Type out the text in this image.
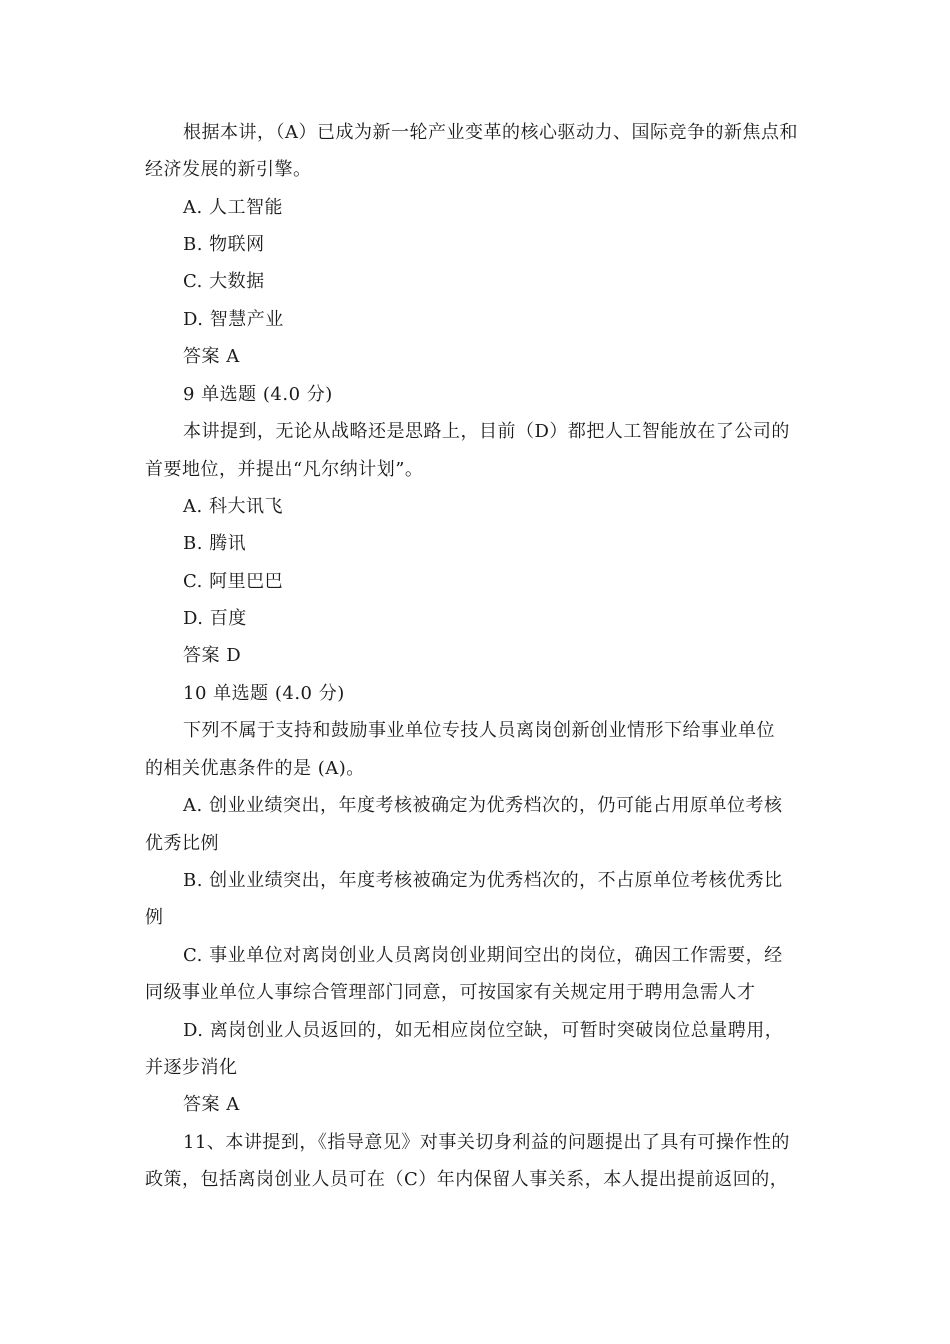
根据本讲，（A）已成为新一轮产业变革的核心驱动力、国际竞争的新焦点和
经济发展的新引擎。
A. 人工智能
B. 物联网
C. 大数据
D. 智慧产业
答案 A
9 单选题 (4.0 分)
本讲提到，无论从战略还是思路上，目前（D）都把人工智能放在了公司的
首要地位，并提出“凡尔纳计划”。
A. 科大讯飞
B. 腾讯
C. 阿里巴巴
D. 百度
答案 D
10 单选题 (4.0 分)
下列不属于支持和鼓励事业单位专技人员离岗创新创业情形下给事业单位
的相关优惠条件的是 (A)。
A. 创业业绩突出，年度考核被确定为优秀档次的，仍可能占用原单位考核
优秀比例
B. 创业业绩突出，年度考核被确定为优秀档次的，不占原单位考核优秀比
例
C. 事业单位对离岗创业人员离岗创业期间空出的岗位，确因工作需要，经
同级事业单位人事综合管理部门同意，可按国家有关规定用于聘用急需人才
D. 离岗创业人员返回的，如无相应岗位空缺，可暂时突破岗位总量聘用，
并逐步消化
答案 A
11、本讲提到，《指导意见》对事关切身利益的问题提出了具有可操作性的
政策，包括离岗创业人员可在（C）年内保留人事关系，本人提出提前返回的，
